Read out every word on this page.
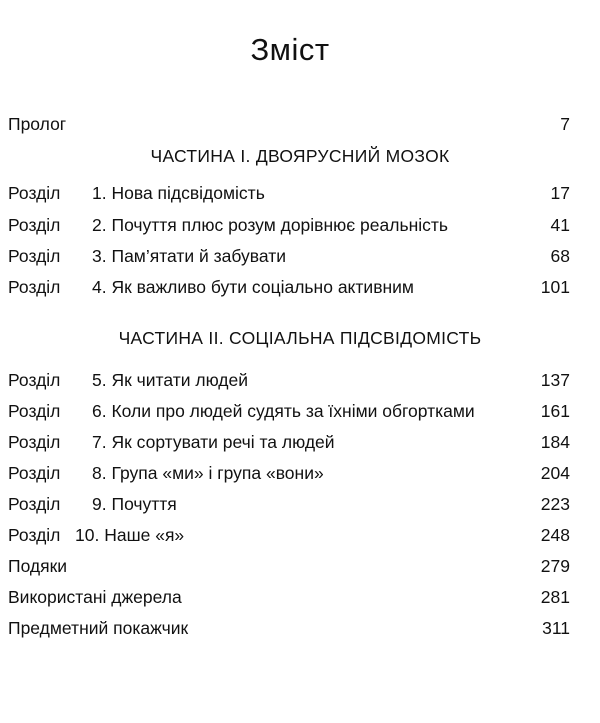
Зміст
Пролог	7
ЧАСТИНА I. ДВОЯРУСНИЙ МОЗОК
Розділ 1. Нова підсвідомість	17
Розділ 2. Почуття плюс розум дорівнює реальність	41
Розділ 3. Пам’ятати й забувати	68
Розділ 4. Як важливо бути соціально активним	101
ЧАСТИНА II. СОЦІАЛЬНА ПІДСВІДОМІСТЬ
Розділ 5. Як читати людей	137
Розділ 6. Коли про людей судять за їхніми обгортками	161
Розділ 7. Як сортувати речі та людей	184
Розділ 8. Група «ми» і група «вони»	204
Розділ 9. Почуття	223
Розділ 10. Наше «я»	248
Подяки	279
Використані джерела	281
Предметний покажчик	311
